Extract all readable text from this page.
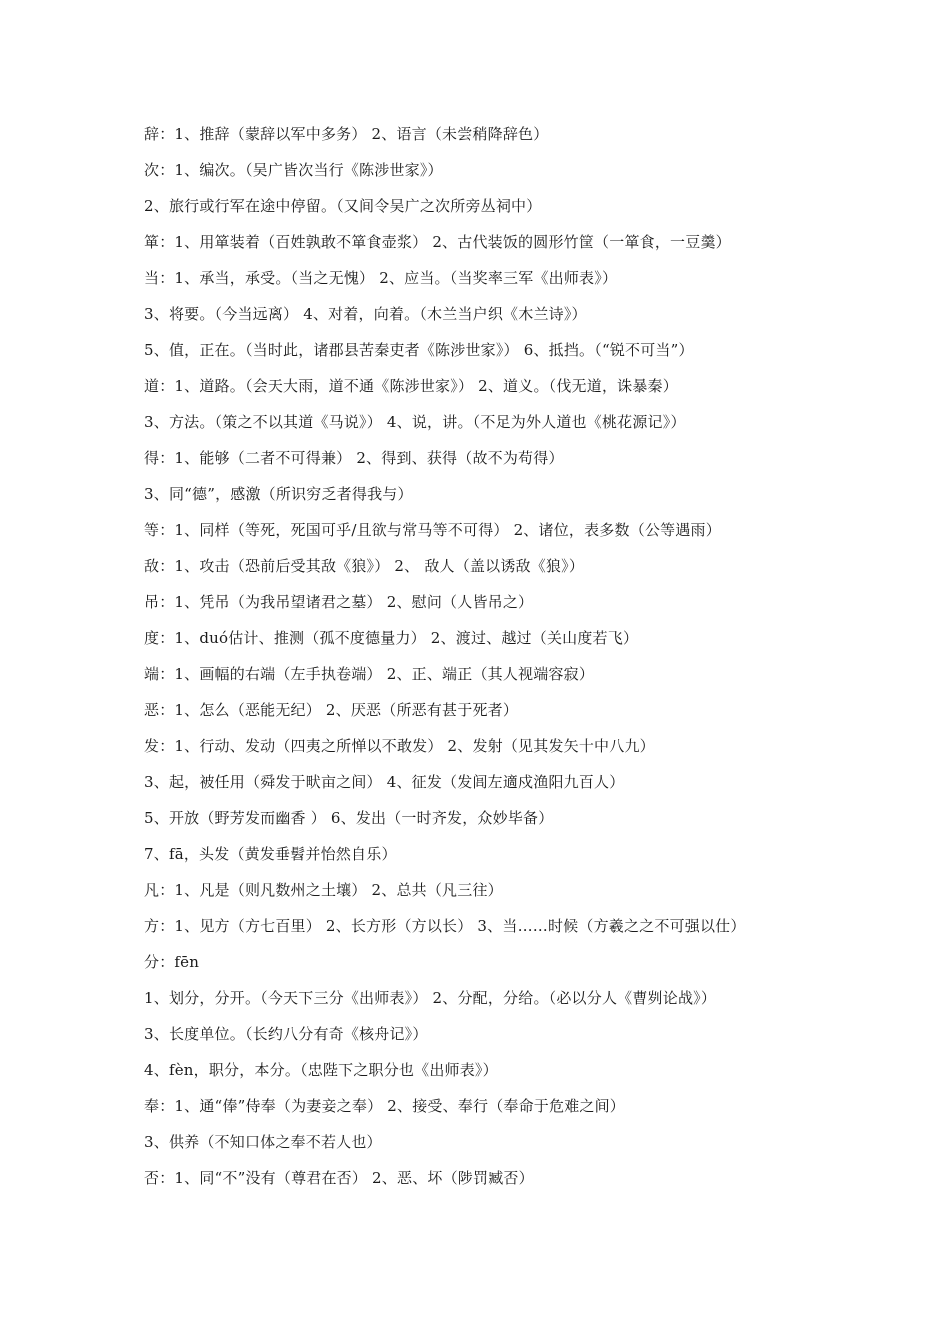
辞：1、推辞（蒙辞以军中多务） 2、语言（未尝稍降辞色）
次：1、编次。（吴广皆次当行《陈涉世家》）
2、旅行或行军在途中停留。（又间令吴广之次所旁丛祠中）
箪：1、用箪装着（百姓孰敢不箪食壶浆） 2、古代装饭的圆形竹筐（一箪食，一豆羹）
当：1、承当，承受。（当之无愧） 2、应当。（当奖率三军《出师表》）
3、将要。（今当远离） 4、对着，向着。（木兰当户织《木兰诗》）
5、值，正在。（当时此，诸郡县苦秦吏者《陈涉世家》） 6、抵挡。（“锐不可当”）
道：1、道路。（会天大雨，道不通《陈涉世家》） 2、道义。（伐无道，诛暴秦）
3、方法。（策之不以其道《马说》） 4、说，讲。（不足为外人道也《桃花源记》）
得：1、能够（二者不可得兼） 2、得到、获得（故不为苟得）
3、同“德”，感激（所识穷乏者得我与）
等：1、同样（等死，死国可乎/且欲与常马等不可得） 2、诸位，表多数（公等遇雨）
敌：1、攻击（恐前后受其敌《狼》） 2、 敌人（盖以诱敌《狼》）
吊：1、凭吊（为我吊望诸君之墓） 2、慰问（人皆吊之）
度：1、duó估计、推测（孤不度德量力） 2、渡过、越过（关山度若飞）
端：1、画幅的右端（左手执卷端） 2、正、端正（其人视端容寂）
恶：1、怎么（恶能无纪） 2、厌恶（所恶有甚于死者）
发：1、行动、发动（四夷之所惮以不敢发） 2、发射（见其发矢十中八九）
3、起，被任用（舜发于畎亩之间） 4、征发（发闾左適戍渔阳九百人）
5、开放（野芳发而幽香 ） 6、发出（一时齐发，众妙毕备）
7、fā，头发（黄发垂髫并怡然自乐）
凡：1、凡是（则凡数州之土壤） 2、总共（凡三往）
方：1、见方（方七百里） 2、长方形（方以长） 3、当……时候（方羲之之不可强以仕）
分：fēn
1、划分，分开。（今天下三分《出师表》） 2、分配，分给。（必以分人《曹刿论战》）
3、长度单位。（长约八分有奇《核舟记》）
4、fèn，职分，本分。（忠陛下之职分也《出师表》）
奉：1、通“俸”侍奉（为妻妾之奉） 2、接受、奉行（奉命于危难之间）
3、供养（不知口体之奉不若人也）
否：1、同“不”没有（尊君在否） 2、恶、坏（陟罚臧否）
